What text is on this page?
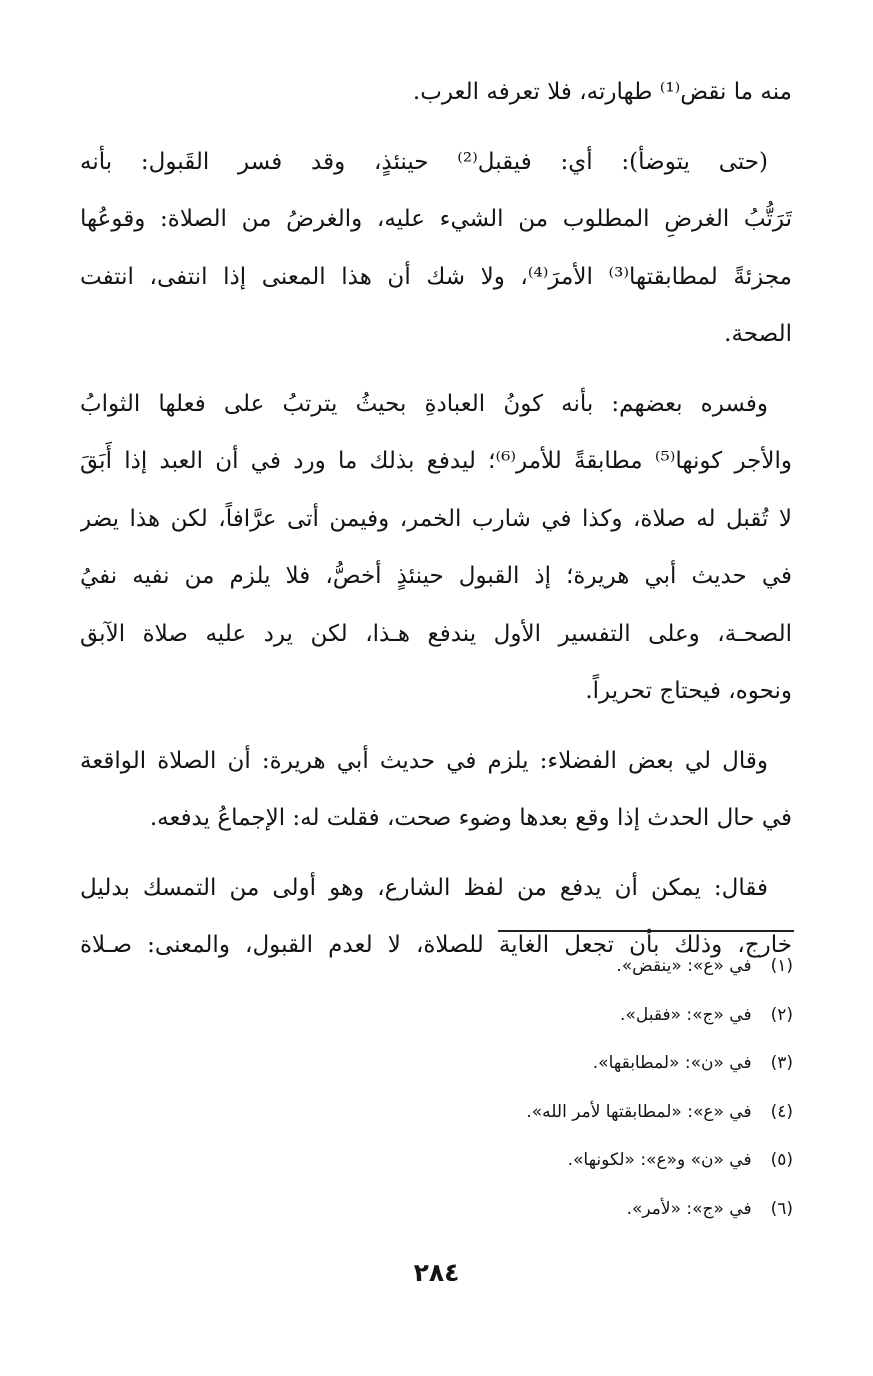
منه ما نقض⁽¹⁾ طهارته، فلا تعرفه العرب.
(حتى يتوضأ): أي: فيقبل⁽²⁾ حينئذٍ، وقد فسر القَبول: بأنه
تَرَتُّبُ الغرضِ المطلوب من الشيء عليه، والغرضُ من الصلاة: وقوعُها
مجزئةً لمطابقتها⁽³⁾ الأمرَ⁽⁴⁾، ولا شك أن هذا المعنى إذا انتفى، انتفت
الصحة.
وفسره بعضهم: بأنه كونُ العبادةِ بحيثُ يترتبُ على فعلها الثوابُ
والأجر كونها⁽⁵⁾ مطابقةً للأمر⁽⁶⁾؛ ليدفع بذلك ما ورد في أن العبد إذا أَبَقَ
لا تُقبل له صلاة، وكذا في شارب الخمر، وفيمن أتى عرَّافاً، لكن هذا يضر
في حديث أبي هريرة؛ إذ القبول حينئذٍ أخصُّ، فلا يلزم من نفيه نفيُ
الصحـة، وعلى التفسير الأول يندفع هـذا، لكن يرد عليه صلاة الآبق
ونحوه، فيحتاج تحريراً.
وقال لي بعض الفضلاء: يلزم في حديث أبي هريرة: أن الصلاة الواقعة
في حال الحدث إذا وقع بعدها وضوء صحت، فقلت له: الإجماعُ يدفعه.
فقال: يمكن أن يدفع من لفظ الشارع، وهو أولى من التمسك بدليل
خارج، وذلك بأن تجعل الغاية للصلاة، لا لعدم القبول، والمعنى: صـلاة
(١) في «ع»: «ينقض».
(٢) في «ج»: «فقبل».
(٣) في «ن»: «لمطابقها».
(٤) في «ع»: «لمطابقتها لأمر الله».
(٥) في «ن» و«ع»: «لكونها».
(٦) في «ج»: «لأمر».
٢٨٤
